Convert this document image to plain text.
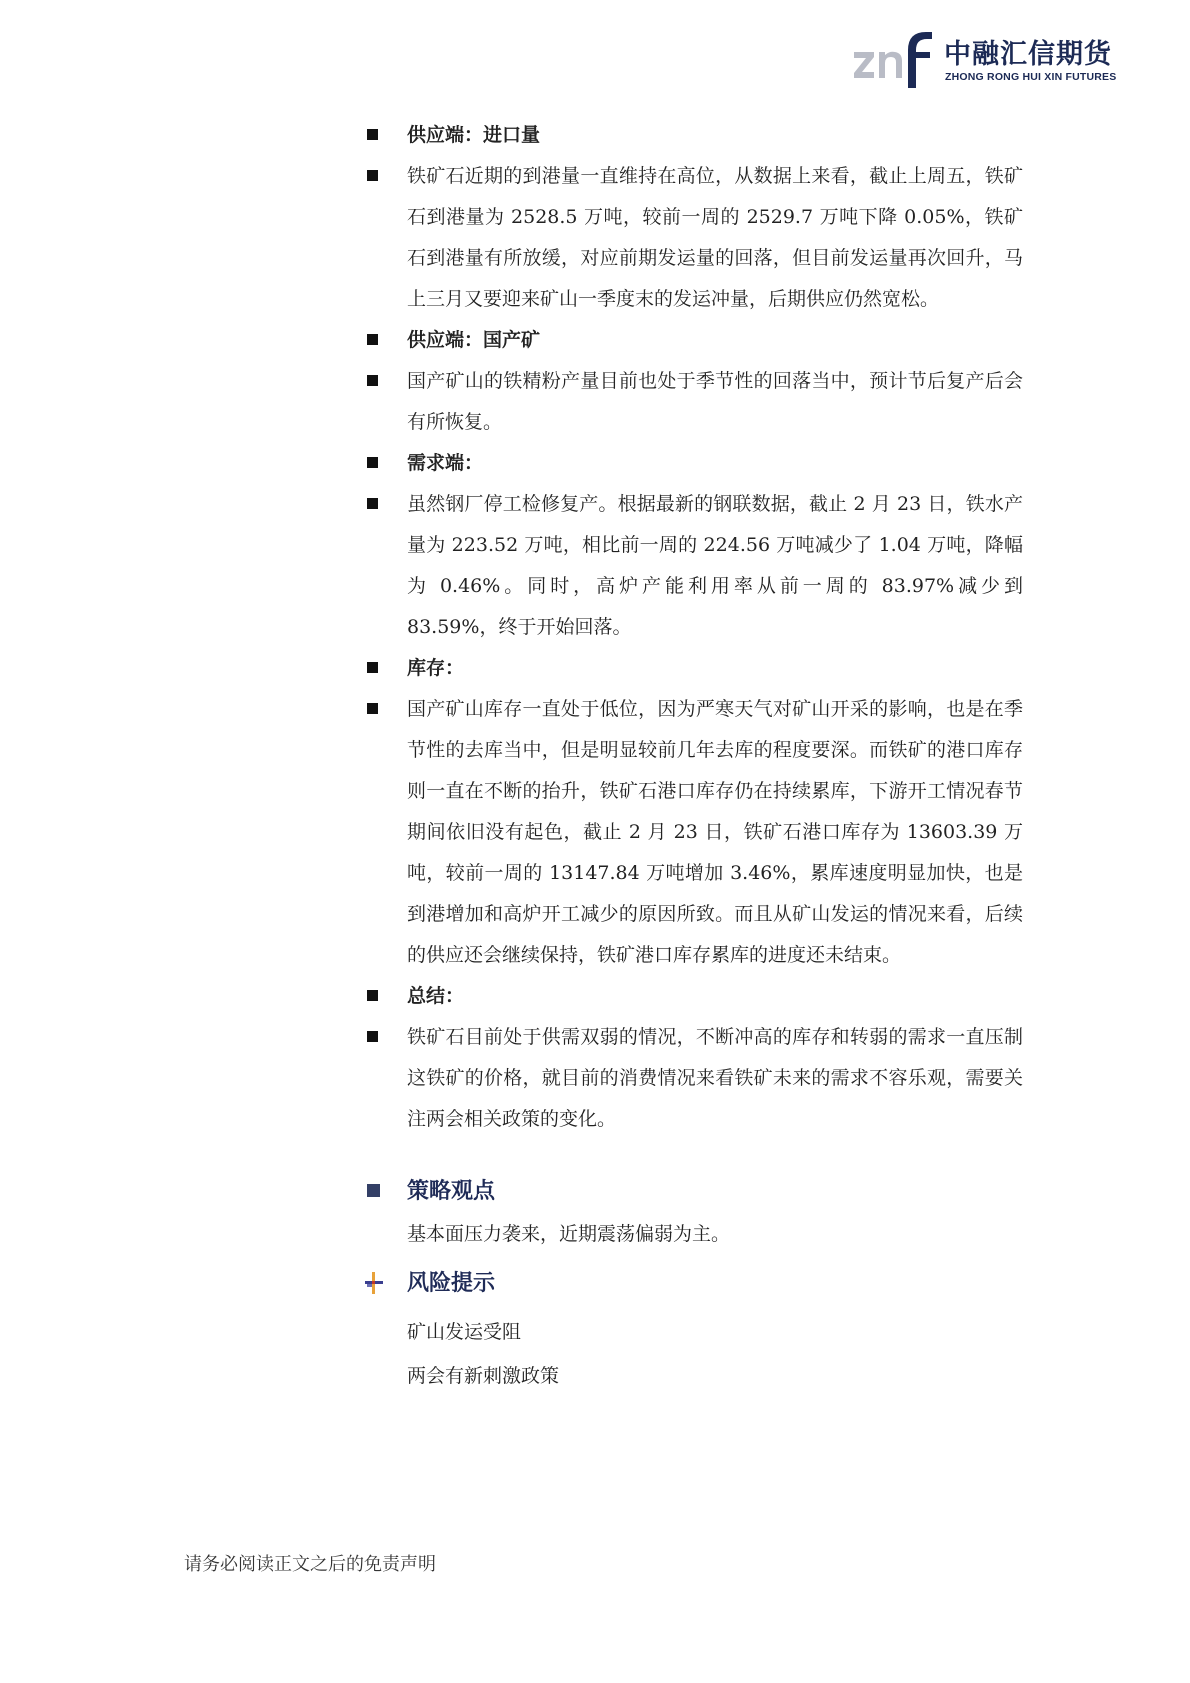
中融汇信期货
ZHONG RONG HUI XIN FUTURES
供应端：进口量
铁矿石近期的到港量一直维持在高位，从数据上来看，截止上周五，铁矿石到港量为 2528.5 万吨，较前一周的 2529.7 万吨下降 0.05%，铁矿石到港量有所放缓，对应前期发运量的回落，但目前发运量再次回升，马上三月又要迎来矿山一季度末的发运冲量，后期供应仍然宽松。
供应端：国产矿
国产矿山的铁精粉产量目前也处于季节性的回落当中，预计节后复产后会有所恢复。
需求端：
虽然钢厂停工检修复产。根据最新的钢联数据，截止 2 月 23 日，铁水产量为 223.52 万吨，相比前一周的 224.56 万吨减少了 1.04 万吨，降幅为 0.46%。同时，高炉产能利用率从前一周的 83.97%减少到 83.59%，终于开始回落。
库存：
国产矿山库存一直处于低位，因为严寒天气对矿山开采的影响，也是在季节性的去库当中，但是明显较前几年去库的程度要深。而铁矿的港口库存则一直在不断的抬升，铁矿石港口库存仍在持续累库，下游开工情况春节期间依旧没有起色，截止 2 月 23 日，铁矿石港口库存为 13603.39 万吨，较前一周的 13147.84 万吨增加 3.46%，累库速度明显加快，也是到港增加和高炉开工减少的原因所致。而且从矿山发运的情况来看，后续的供应还会继续保持，铁矿港口库存累库的进度还未结束。
总结：
铁矿石目前处于供需双弱的情况，不断冲高的库存和转弱的需求一直压制这铁矿的价格，就目前的消费情况来看铁矿未来的需求不容乐观，需要关注两会相关政策的变化。
策略观点
基本面压力袭来，近期震荡偏弱为主。
风险提示
矿山发运受阻
两会有新刺激政策
请务必阅读正文之后的免责声明
